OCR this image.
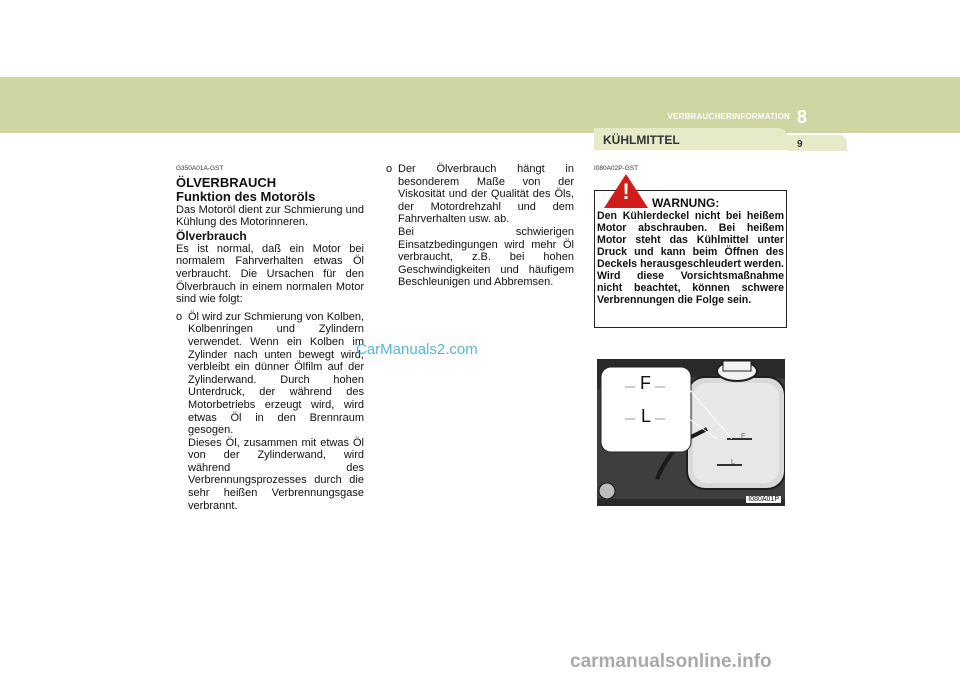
VERBRAUCHERINFORMATION 8
KÜHLMITTEL	9

G350A01A-GST

ÖLVERBRAUCH

Funktion des Motoröls

Das Motoröl dient zur Schmierung und Kühlung des Motorinneren.

Ölverbrauch

Es ist normal, daß ein Motor bei normalem Fahrverhalten etwas Öl verbraucht. Die Ursachen für den Ölverbrauch in einem normalen Motor sind wie folgt:

o Öl wird zur Schmierung von Kolben, Kolbenringen und Zylindern verwendet. Wenn ein Kolben im Zylinder nach unten bewegt wird, verbleibt ein dünner Ölfilm auf der Zylinderwand. Durch hohen Unterdruck, der während des Motorbetriebs erzeugt wird, wird etwas Öl in den Brennraum gesogen.

Dieses Öl, zusammen mit etwas Öl von der Zylinderwand, wird während des Verbrennungsprozesses durch die sehr heißen Verbrennungsgase verbrannt.

o Der Ölverbrauch hängt in besonderem Maße von der Viskosität und der Qualität des Öls, der Motordrehzahl und dem Fahrverhalten usw. ab.

Bei schwierigen Einsatzbedingungen wird mehr Öl verbraucht, z.B. bei hohen Geschwindigkeiten und häufigem Beschleunigen und Abbremsen.

I080A02P-GST

!	WARNUNG:
Den Kühlerdeckel nicht bei heißem Motor abschrauben. Bei heißem Motor steht das Kühlmittel unter Druck und kann beim Öffnen des Deckels herausgeschleudert werden. Wird diese Vorsichtsmaßnahme nicht beachtet, können schwere Verbrennungen die Folge sein.
F
L
F
L
I080A01P
CarManuals2.com
carmanualsonline.info
